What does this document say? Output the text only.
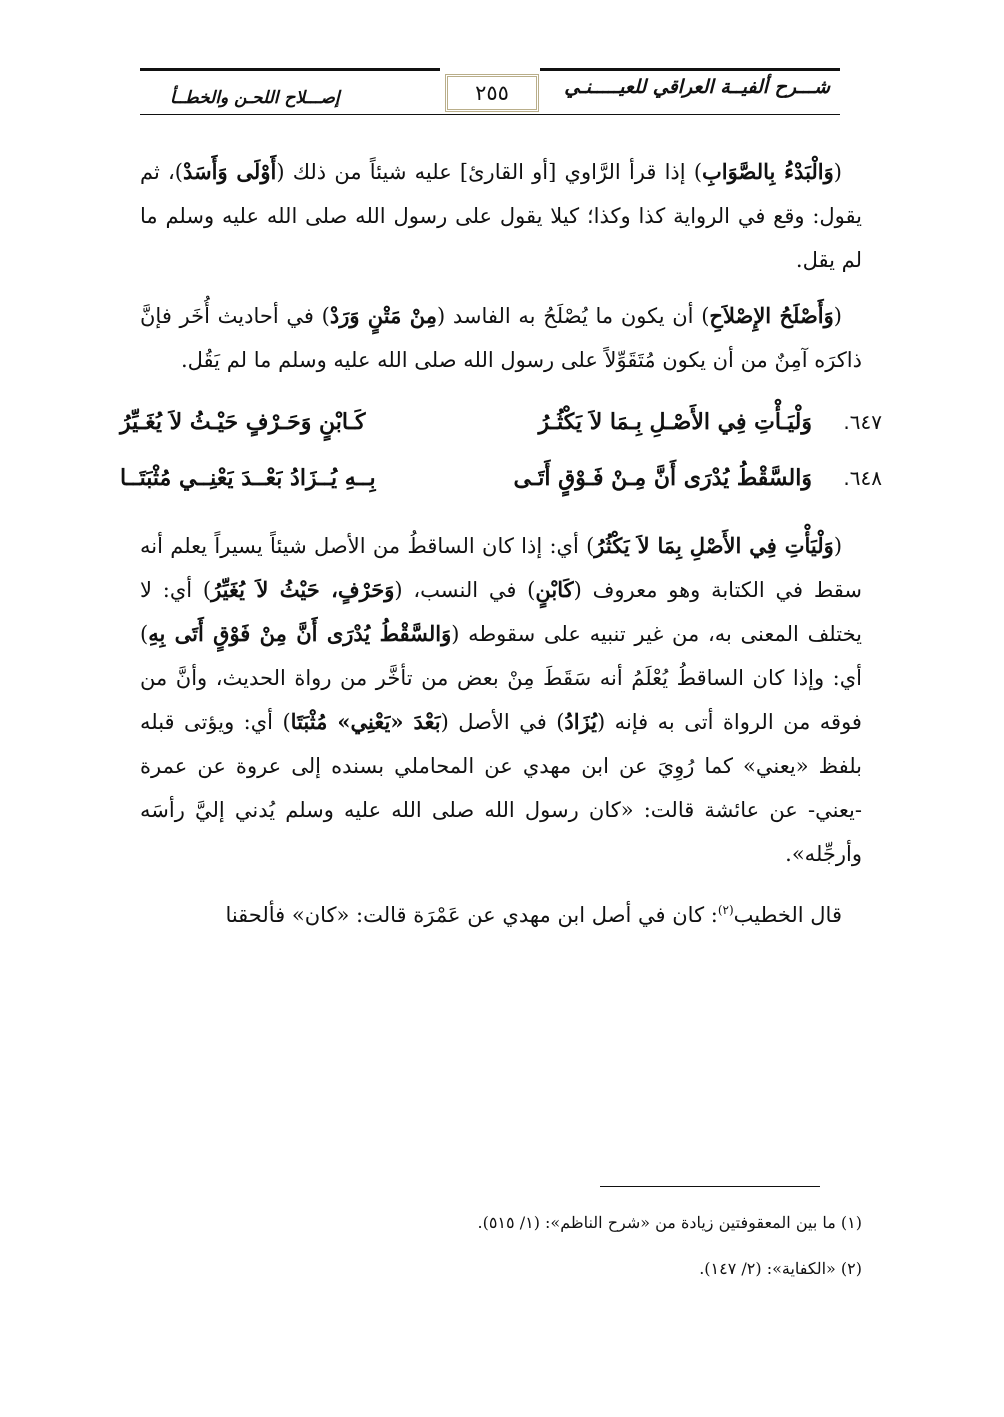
شـــرح ألفيــة العراقي للعيـــــنـي
٢٥٥
إصـــلاح اللحـن والخطــأ

(وَالْبَدْءُ بِالصَّوَابِ) إذا قرأ الرَّاوي [أو القارئ] عليه شيئاً من ذلك (أَوْلَى وَأَسَدْ)، ثم يقول: وقع في الرواية كذا وكذا؛ كيلا يقول على رسول الله صلى الله عليه وسلم ما لم يقل.

(وَأَصْلَحُ الإِصْلاَحِ) أن يكون ما يُصْلَحُ به الفاسد (مِنْ مَتْنٍ وَرَدْ) في أحاديث أُخَر فإنَّ ذاكرَه آمِنٌ من أن يكون مُتَقَوِّلاً على رسول الله صلى الله عليه وسلم ما لم يَقُل.

٦٤٧.
وَلْيَـأْتِ فِي الأَصْـلِ بِـمَا لاَ يَكْثُـرُ
كَـابْنٍ وَحَـرْفٍ حَيْـثُ لاَ يُغَـيِّرُ
٦٤٨.
وَالسَّقْطُ يُدْرَى أَنَّ مِـنْ فَـوْقٍ أَتَـى
بِــهِ يُــزَادُ بَعْــدَ يَعْنِــي مُثْبَتَــا

(وَلْيَأْتِ فِي الأَصْلِ بِمَا لاَ يَكْثُرُ) أي: إذا كان الساقطُ من الأصل شيئاً يسيراً يعلم أنه سقط في الكتابة وهو معروف (كَابْنٍ) في النسب، (وَحَرْفٍ، حَيْثُ لاَ يُغَيِّرُ) أي: لا يختلف المعنى به، من غير تنبيه على سقوطه (وَالسَّقْطُ يُدْرَى أَنَّ مِنْ فَوْقٍ أَتَى بِهِ) أي: وإذا كان الساقطُ يُعْلَمُ أنه سَقَطَ مِنْ بعض من تأخَّر من رواة الحديث، وأنَّ من فوقه من الرواة أتى به فإنه (يُزَادُ) في الأصل (بَعْدَ «يَعْنِي» مُثْبَتَا) أي: ويؤتى قبله بلفظ «يعني» كما رُوِيَ عن ابن مهدي عن المحاملي بسنده إلى عروة عن عمرة -يعني- عن عائشة قالت: «كان رسول الله صلى الله عليه وسلم يُدني إليَّ رأسَه وأرجِّله».

قال الخطيب$^{(٢)}$: كان في أصل ابن مهدي عن عَمْرَة قالت: «كان» فألحقنا

(١) ما بين المعقوفتين زيادة من «شرح الناظم»: (١/ ٥١٥).
(٢) «الكفاية»: (٢/ ١٤٧).
